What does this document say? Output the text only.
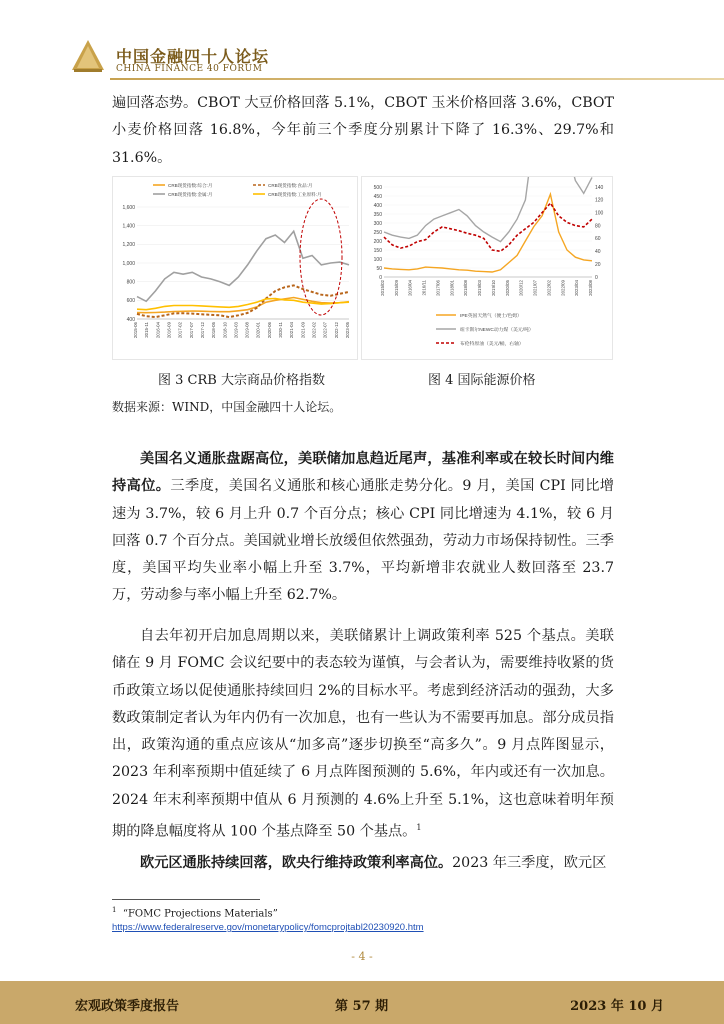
中国金融四十人论坛
CHINA FINANCE 40 FORUM
遍回落态势。CBOT 大豆价格回落 5.1%，CBOT 玉米价格回落 3.6%，CBOT 小麦价格回落 16.8%，今年前三个季度分别累计下降了 16.3%、29.7%和 31.6%。
400
600
800
1,000
1,200
1,400
1,600
2015-06 2015-11 2016-04 2016-09 2017-02 2017-07 2017-12 2018-05 2018-10 2019-03 2019-08 2020-01 2020-06 2020-11 2021-04 2021-09 2022-02 2022-07 2022-12 2023-05
CRB现货指数:综合:月	CRB现货指数:食品:月
CRB现货指数:金属:月	CRB现货指数:工业原料:月
0
50
100
150
200
250
300
350
400
450
500
0
20
40
60
80
100
120
140
2015/02 2015/09 2016/04 2016/11 2017/06 2018/01 2018/08 2019/03 2019/10 2020/05 2020/12 2021/07 2022/02 2022/09 2023/04 2023/08
IPE英国天然气（便士/色姆）
纽卡斯尔NEWC动力煤（美元/吨）
布伦特原油（美元/桶，右轴）
图 3 CRB 大宗商品价格指数	图 4 国际能源价格
数据来源：WIND，中国金融四十人论坛。
美国名义通胀盘踞高位，美联储加息趋近尾声，基准利率或在较长时间内维持高位。三季度，美国名义通胀和核心通胀走势分化。9 月，美国 CPI 同比增速为 3.7%，较 6 月上升 0.7 个百分点；核心 CPI 同比增速为 4.1%，较 6 月回落 0.7 个百分点。美国就业增长放缓但依然强劲，劳动力市场保持韧性。三季度，美国平均失业率小幅上升至 3.7%，平均新增非农就业人数回落至 23.7 万，劳动参与率小幅上升至 62.7%。
自去年初开启加息周期以来，美联储累计上调政策利率 525 个基点。美联储在 9 月 FOMC 会议纪要中的表态较为谨慎，与会者认为，需要维持收紧的货币政策立场以促使通胀持续回归 2%的目标水平。考虑到经济活动的强劲，大多数政策制定者认为年内仍有一次加息，也有一些认为不需要再加息。部分成员指出，政策沟通的重点应该从“加多高”逐步切换至“高多久”。9 月点阵图显示，2023 年利率预期中值延续了 6 月点阵图预测的 5.6%，年内或还有一次加息。2024 年末利率预期中值从 6 月预测的 4.6%上升至 5.1%，这也意味着明年预期的降息幅度将从 100 个基点降至 50 个基点。$^1$
欧元区通胀持续回落，欧央行维持政策利率高位。2023 年三季度，欧元区
$^1$ “FOMC Projections Materials”
https://www.federalreserve.gov/monetarypolicy/fomcprojtabl20230920.htm
- 4 -
宏观政策季度报告	第 57 期	2023 年 10 月
